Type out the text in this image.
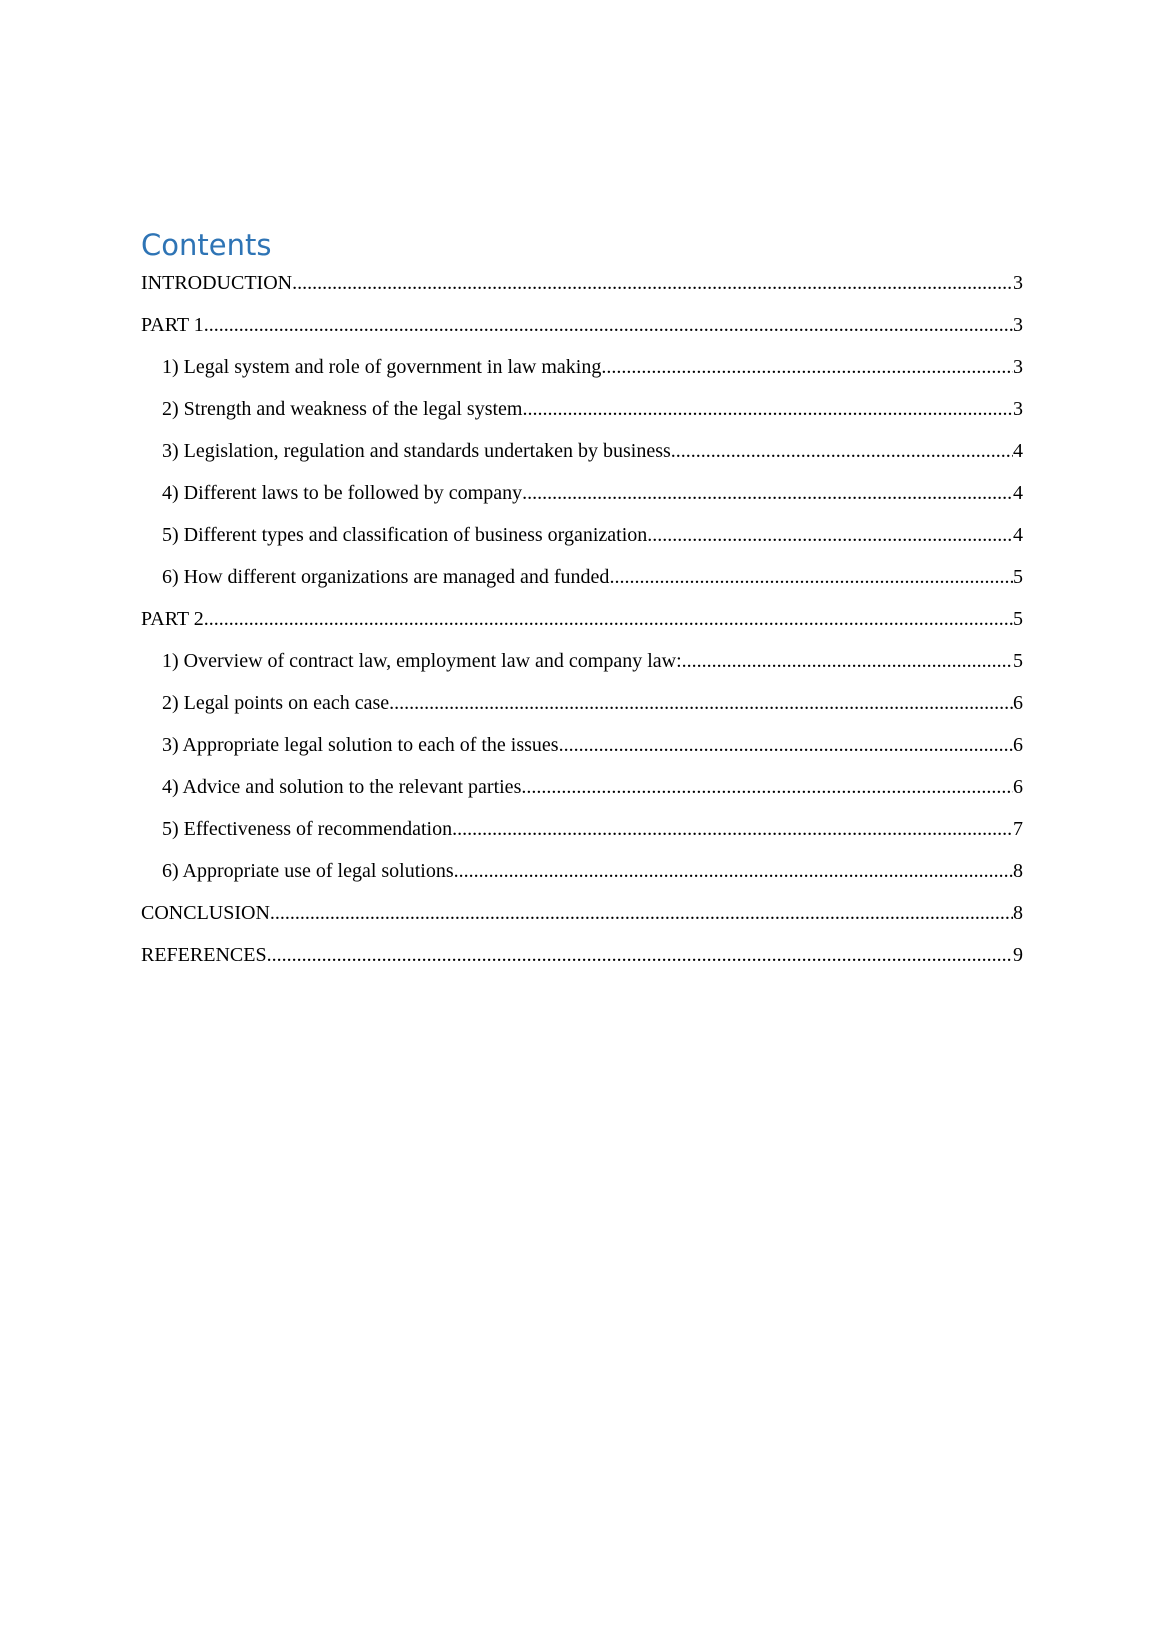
Contents
INTRODUCTION .....	3
PART 1 .....	3
1) Legal system and role of government in law making .....	3
2) Strength and weakness of the legal system .....	3
3) Legislation, regulation and standards undertaken by business .....	4
4) Different laws to be followed by company .....	4
5) Different types and classification of business organization .....	4
6) How different organizations are managed and funded .....	5
PART 2 .....	5
1) Overview of contract law, employment law and company law: .....	5
2) Legal points on each case .....	6
3) Appropriate legal solution to each of the issues .....	6
4) Advice and solution to the relevant parties .....	6
5) Effectiveness of recommendation .....	7
6) Appropriate use of legal solutions .....	8
CONCLUSION .....	8
REFERENCES .....	9
